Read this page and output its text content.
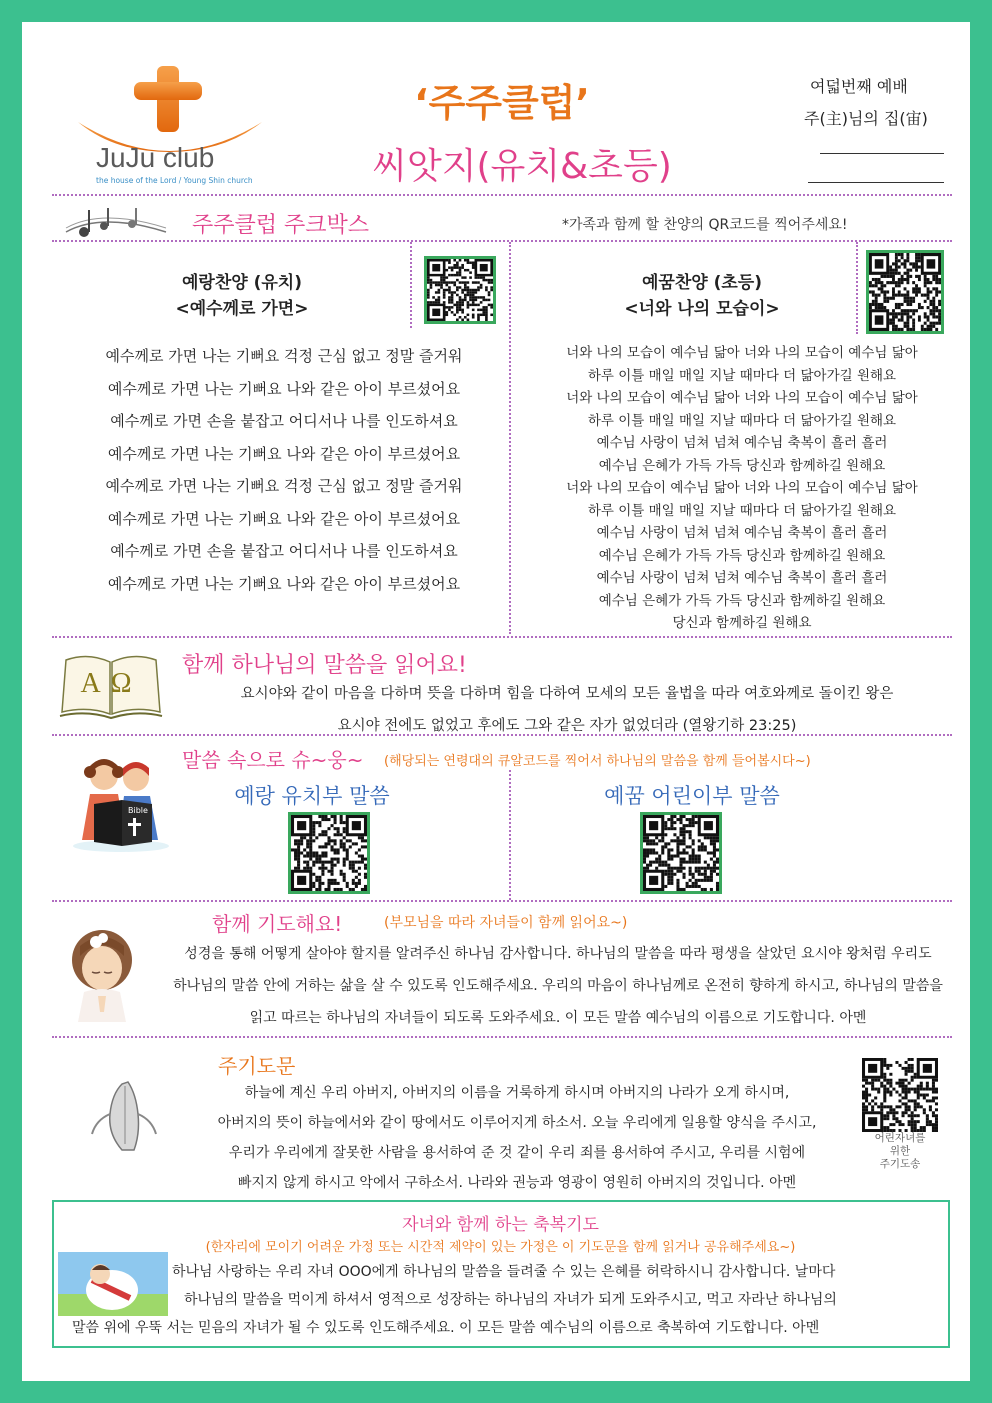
JuJu club
the house of the Lord / Young Shin church
‘주주클럽’
씨앗지(유치&초등)
여덟번째 예배
주(主)님의 집(宙)
주주클럽 주크박스	*가족과 함께 할 찬양의 QR코드를 찍어주세요!
예랑찬양 (유치)
<예수께로 가면>
예수께로 가면 나는 기뻐요 걱정 근심 없고 정말 즐거워
예수께로 가면 나는 기뻐요 나와 같은 아이 부르셨어요
예수께로 가면 손을 붙잡고 어디서나 나를 인도하셔요
예수께로 가면 나는 기뻐요 나와 같은 아이 부르셨어요
예수께로 가면 나는 기뻐요 걱정 근심 없고 정말 즐거워
예수께로 가면 나는 기뻐요 나와 같은 아이 부르셨어요
예수께로 가면 손을 붙잡고 어디서나 나를 인도하셔요
예수께로 가면 나는 기뻐요 나와 같은 아이 부르셨어요
예꿈찬양 (초등)
<너와 나의 모습이>
너와 나의 모습이 예수님 닮아 너와 나의 모습이 예수님 닮아
하루 이틀 매일 매일 지날 때마다 더 닮아가길 원해요
너와 나의 모습이 예수님 닮아 너와 나의 모습이 예수님 닮아
하루 이틀 매일 매일 지날 때마다 더 닮아가길 원해요
예수님 사랑이 넘쳐 넘쳐 예수님 축복이 흘러 흘러
예수님 은혜가 가득 가득 당신과 함께하길 원해요
너와 나의 모습이 예수님 닮아 너와 나의 모습이 예수님 닮아
하루 이틀 매일 매일 지날 때마다 더 닮아가길 원해요
예수님 사랑이 넘쳐 넘쳐 예수님 축복이 흘러 흘러
예수님 은혜가 가득 가득 당신과 함께하길 원해요
예수님 사랑이 넘쳐 넘쳐 예수님 축복이 흘러 흘러
예수님 은혜가 가득 가득 당신과 함께하길 원해요
당신과 함께하길 원해요
AΩ
함께 하나님의 말씀을 읽어요!
요시야와 같이 마음을 다하며 뜻을 다하며 힘을 다하여 모세의 모든 율법을 따라 여호와께로 돌이킨 왕은
요시야 전에도 없었고 후에도 그와 같은 자가 없었더라 (열왕기하 23:25)
Bible
말씀 속으로 슈~웅~ (해당되는 연령대의 큐알코드를 찍어서 하나님의 말씀을 함께 들어봅시다~)
예랑 유치부 말씀	예꿈 어린이부 말씀
함께 기도해요!	(부모님을 따라 자녀들이 함께 읽어요~)
성경을 통해 어떻게 살아야 할지를 알려주신 하나님 감사합니다. 하나님의 말씀을 따라 평생을 살았던 요시야 왕처럼 우리도
하나님의 말씀 안에 거하는 삶을 살 수 있도록 인도해주세요. 우리의 마음이 하나님께로 온전히 향하게 하시고, 하나님의 말씀을
읽고 따르는 하나님의 자녀들이 되도록 도와주세요. 이 모든 말씀 예수님의 이름으로 기도합니다. 아멘
주기도문
하늘에 계신 우리 아버지, 아버지의 이름을 거룩하게 하시며 아버지의 나라가 오게 하시며,
아버지의 뜻이 하늘에서와 같이 땅에서도 이루어지게 하소서. 오늘 우리에게 일용할 양식을 주시고,
우리가 우리에게 잘못한 사람을 용서하여 준 것 같이 우리 죄를 용서하여 주시고, 우리를 시험에
빠지지 않게 하시고 악에서 구하소서. 나라와 권능과 영광이 영원히 아버지의 것입니다. 아멘
어린자녀를
위한
주기도송
자녀와 함께 하는 축복기도
(한자리에 모이기 어려운 가정 또는 시간적 제약이 있는 가정은 이 기도문을 함께 읽거나 공유해주세요~)
하나님 사랑하는 우리 자녀 OOO에게 하나님의 말씀을 들려줄 수 있는 은혜를 허락하시니 감사합니다. 날마다
하나님의 말씀을 먹이게 하셔서 영적으로 성장하는 하나님의 자녀가 되게 도와주시고, 먹고 자라난 하나님의
말씀 위에 우뚝 서는 믿음의 자녀가 될 수 있도록 인도해주세요. 이 모든 말씀 예수님의 이름으로 축복하여 기도합니다. 아멘
